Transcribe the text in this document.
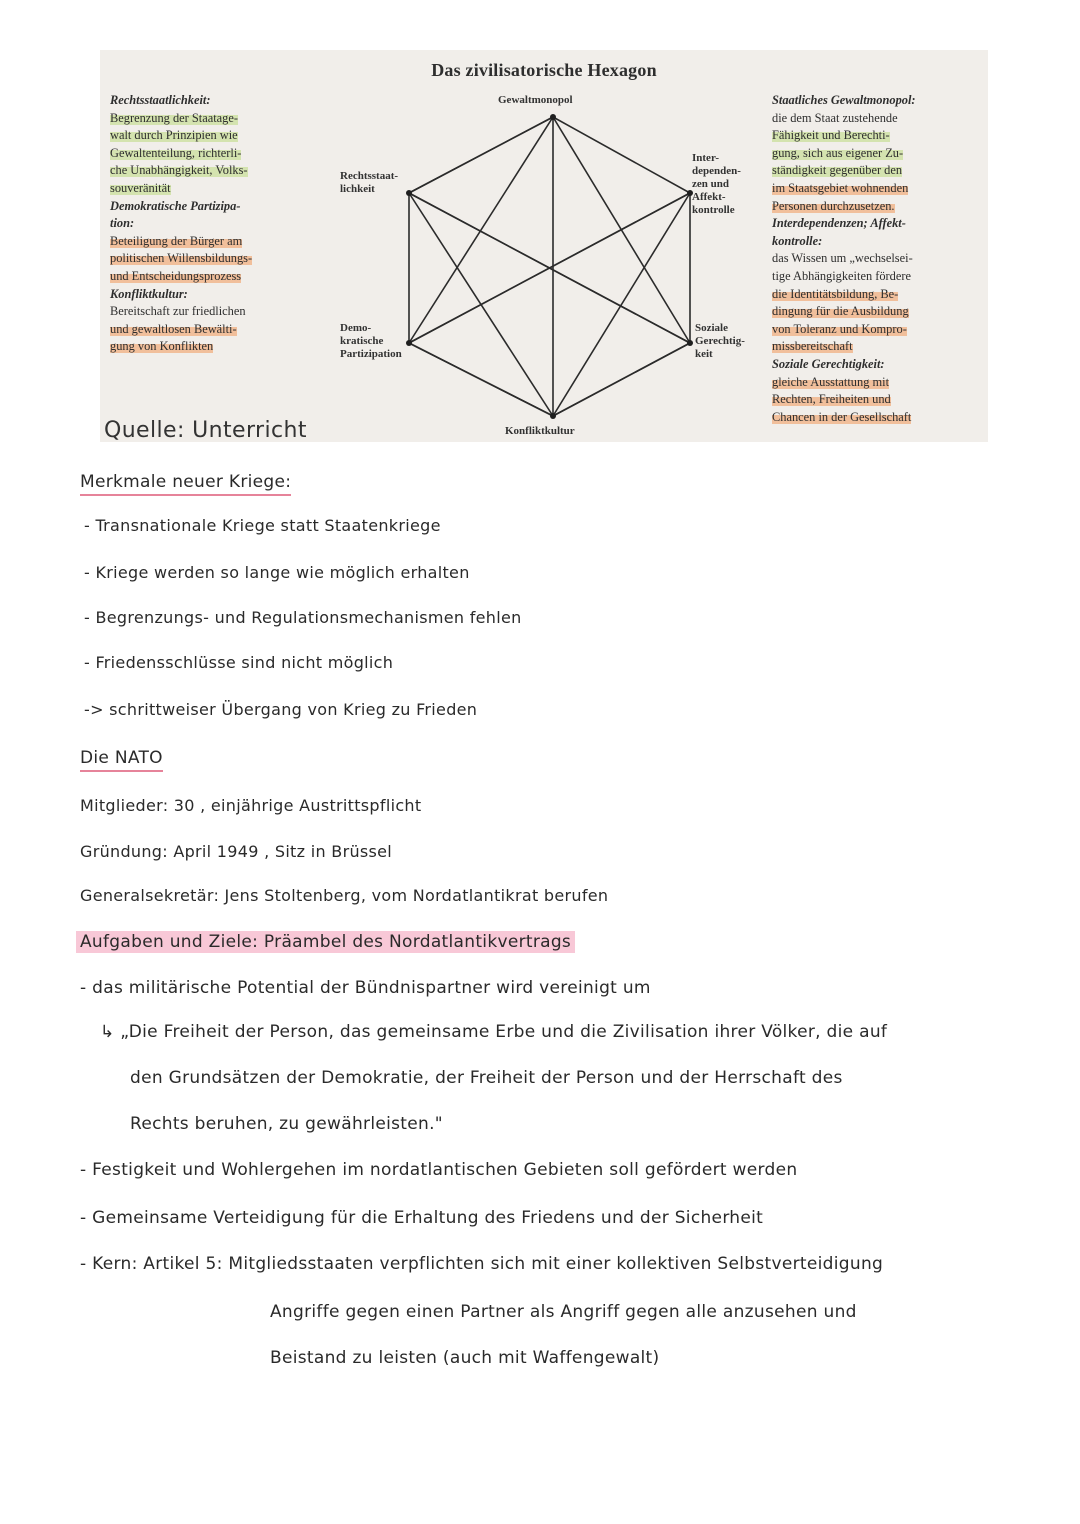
Das zivilisatorische Hexagon

Rechtsstaatlichkeit:

Begrenzung der Staatage-

walt durch Prinzipien wie

Gewaltenteilung, richterli-

che Unabhängigkeit, Volks-

souveränität

Demokratische Partizipa-

tion:

Beteiligung der Bürger am

politischen Willensbildungs-

und Entscheidungsprozess

Konfliktkultur:

Bereitschaft zur friedlichen

und gewaltlosen Bewälti-

gung von Konflikten

Gewaltmonopol
Rechtsstaat-
lichkeit
Inter-
dependen-
zen und
Affekt-
kontrolle
Demo-
kratische
Partizipation
Soziale
Gerechtig-
keit
Konfliktkultur

Staatliches Gewaltmonopol:

die dem Staat zustehende

Fähigkeit und Berechti-

gung, sich aus eigener Zu-

ständigkeit gegenüber den

im Staatsgebiet wohnenden

Personen durchzusetzen.

Interdependenzen; Affekt-

kontrolle:

das Wissen um „wechselsei-

tige Abhängigkeiten fördere

die Identitätsbildung, Be-

dingung für die Ausbildung

von Toleranz und Kompro-

missbereitschaft

Soziale Gerechtigkeit:

gleiche Ausstattung mit

Rechten, Freiheiten und

Chancen in der Gesellschaft

Quelle: Unterricht
Merkmale neuer Kriege:
- Transnationale Kriege statt Staatenkriege
- Kriege werden so lange wie möglich erhalten
- Begrenzungs- und Regulationsmechanismen fehlen
- Friedensschlüsse sind nicht möglich
-> schrittweiser Übergang von Krieg zu Frieden
Die NATO
Mitglieder: 30 , einjährige Austrittspflicht
Gründung: April 1949 , Sitz in Brüssel
Generalsekretär: Jens Stoltenberg, vom Nordatlantikrat berufen
Aufgaben und Ziele: Präambel des Nordatlantikvertrags
- das militärische Potential der Bündnispartner wird vereinigt um
↳ „Die Freiheit der Person, das gemeinsame Erbe und die Zivilisation ihrer Völker, die auf
den Grundsätzen der Demokratie, der Freiheit der Person und der Herrschaft des
Rechts beruhen, zu gewährleisten."
- Festigkeit und Wohlergehen im nordatlantischen Gebieten soll gefördert werden
- Gemeinsame Verteidigung für die Erhaltung des Friedens und der Sicherheit
- Kern: Artikel 5: Mitgliedsstaaten verpflichten sich mit einer kollektiven Selbstverteidigung
Angriffe gegen einen Partner als Angriff gegen alle anzusehen und
Beistand zu leisten (auch mit Waffengewalt)
